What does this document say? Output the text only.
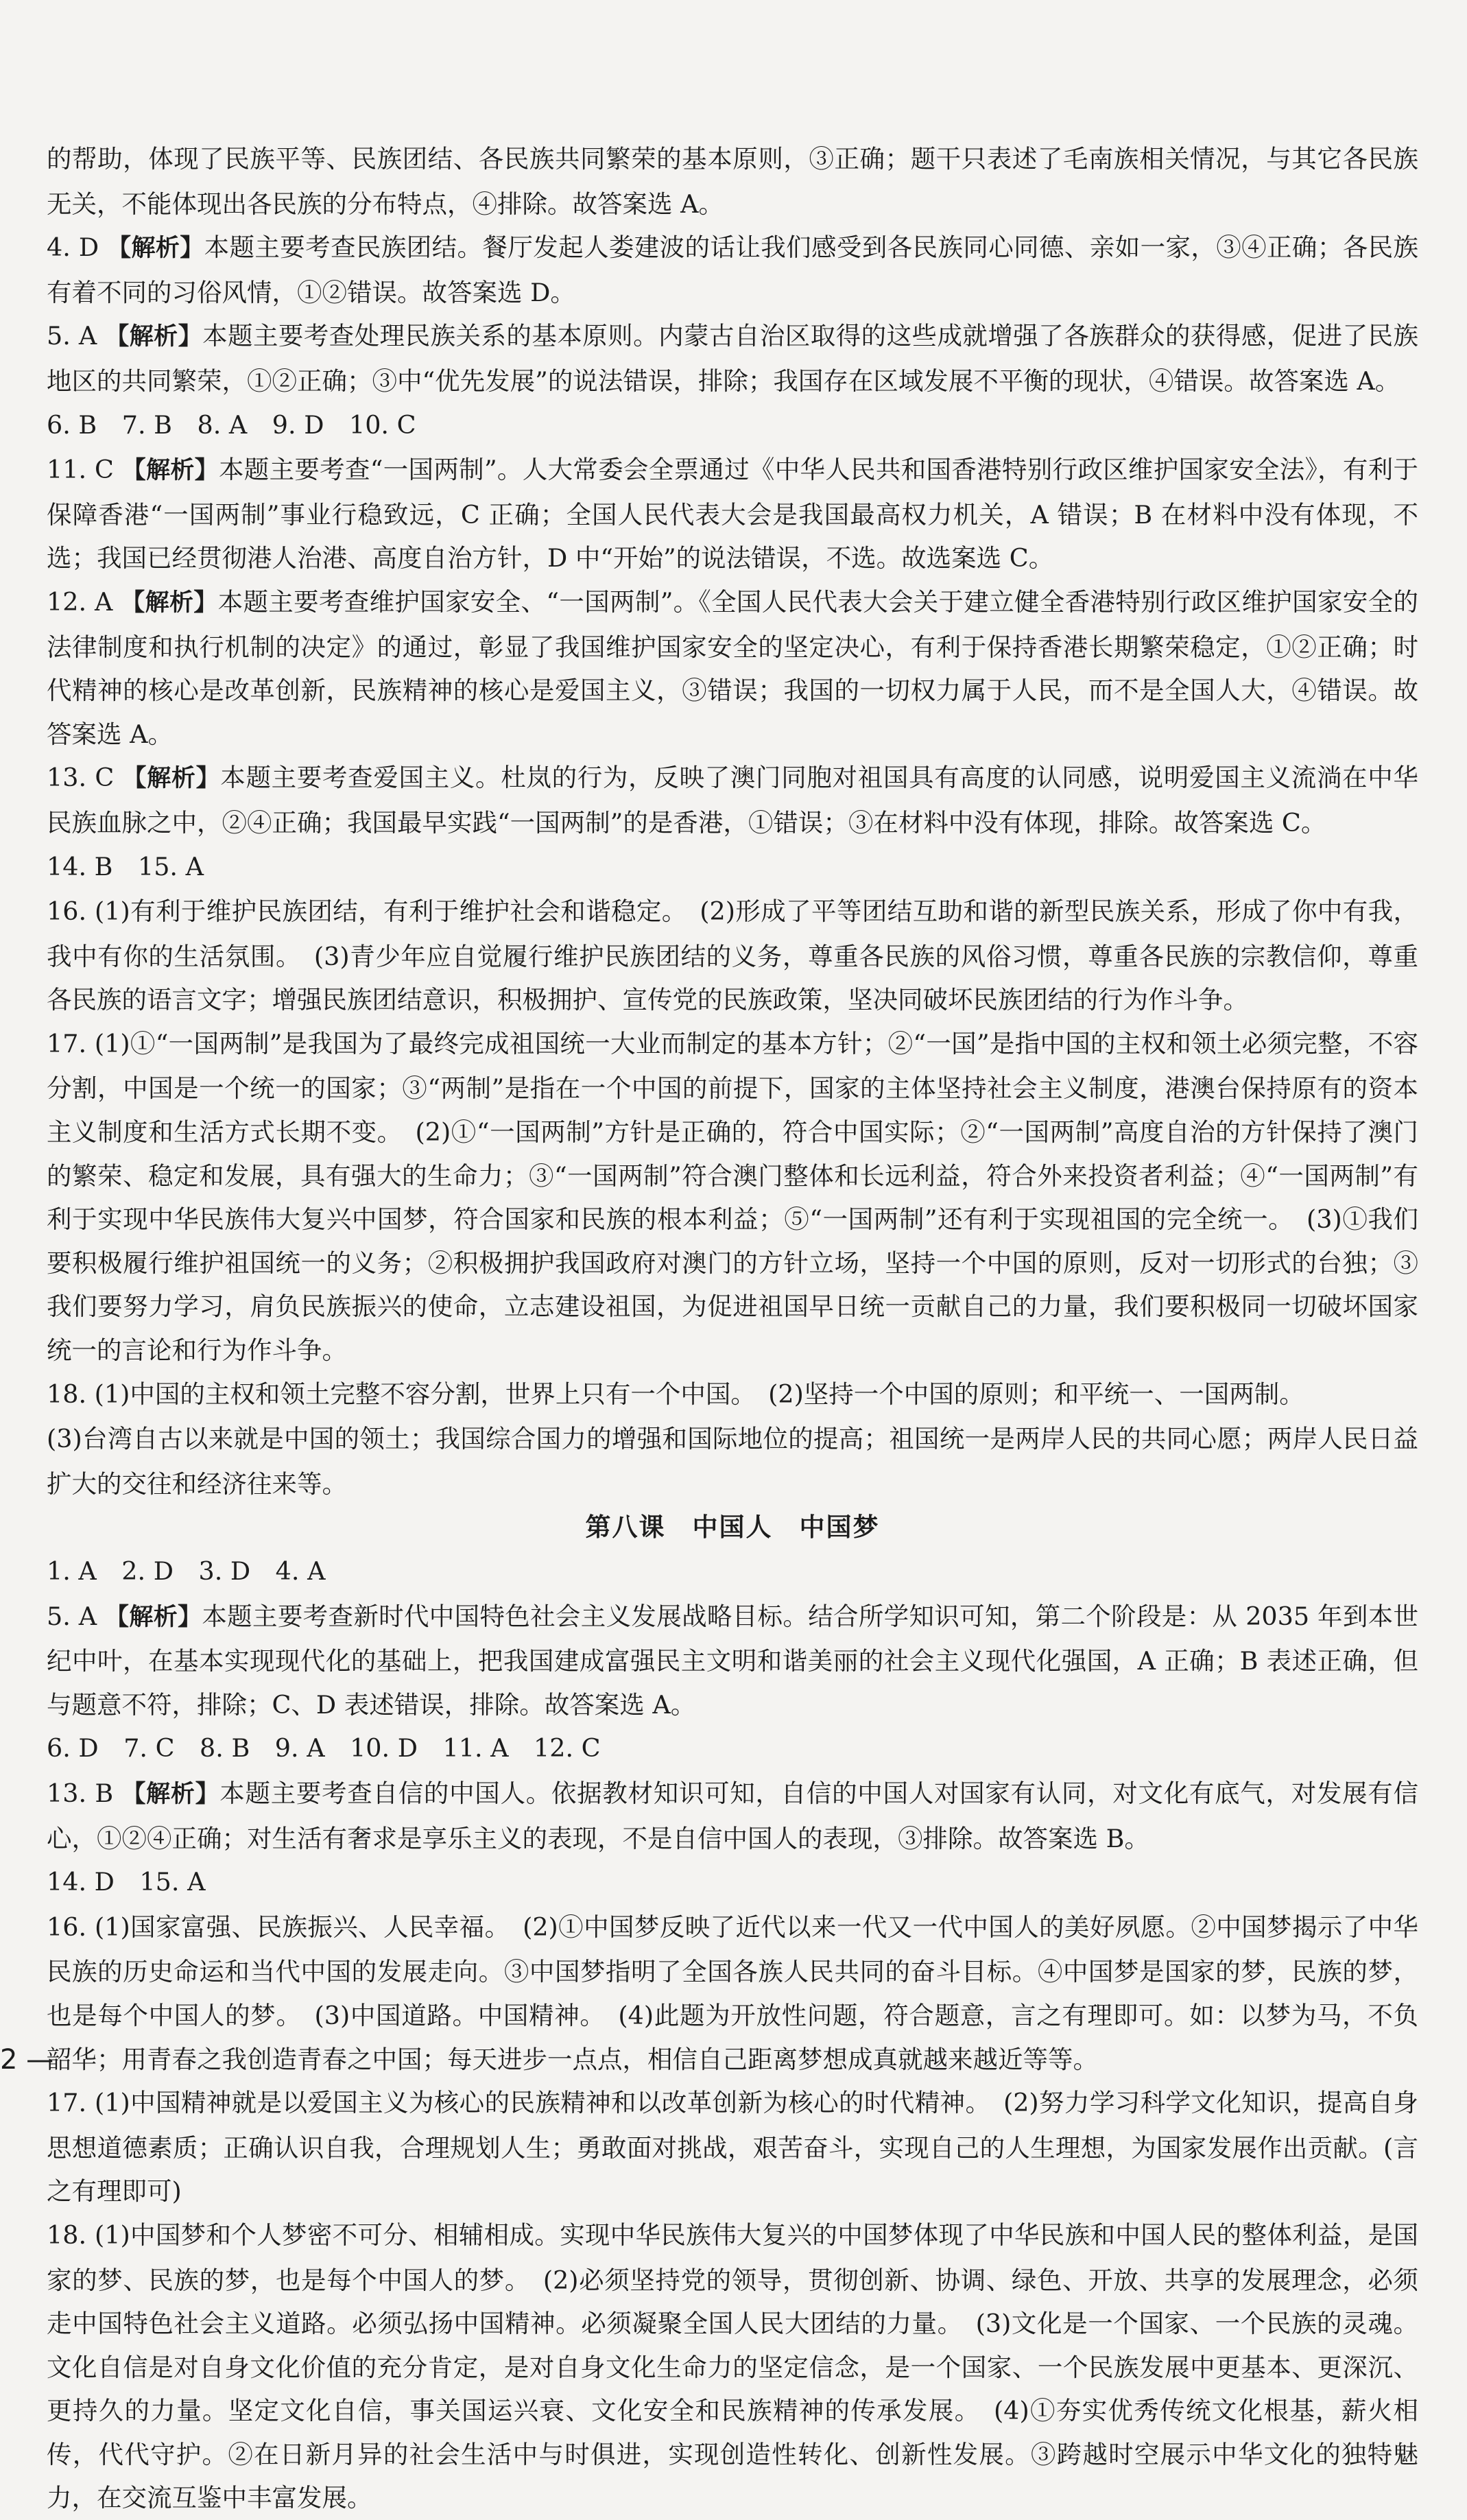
的帮助，体现了民族平等、民族团结、各民族共同繁荣的基本原则，③正确；题干只表述了毛南族相关情况，与其它各民族无关，不能体现出各民族的分布特点，④排除。故答案选 A。

4. D 【解析】本题主要考查民族团结。餐厅发起人娄建波的话让我们感受到各民族同心同德、亲如一家，③④正确；各民族有着不同的习俗风情，①②错误。故答案选 D。

5. A 【解析】本题主要考查处理民族关系的基本原则。内蒙古自治区取得的这些成就增强了各族群众的获得感，促进了民族地区的共同繁荣，①②正确；③中“优先发展”的说法错误，排除；我国存在区域发展不平衡的现状，④错误。故答案选 A。

6. B　7. B　8. A　9. D　10. C

11. C 【解析】本题主要考查“一国两制”。人大常委会全票通过《中华人民共和国香港特别行政区维护国家安全法》，有利于保障香港“一国两制”事业行稳致远，C 正确；全国人民代表大会是我国最高权力机关，A 错误；B 在材料中没有体现，不选；我国已经贯彻港人治港、高度自治方针，D 中“开始”的说法错误，不选。故选案选 C。

12. A 【解析】本题主要考查维护国家安全、“一国两制”。《全国人民代表大会关于建立健全香港特别行政区维护国家安全的法律制度和执行机制的决定》的通过，彰显了我国维护国家安全的坚定决心，有利于保持香港长期繁荣稳定，①②正确；时代精神的核心是改革创新，民族精神的核心是爱国主义，③错误；我国的一切权力属于人民，而不是全国人大，④错误。故答案选 A。

13. C 【解析】本题主要考查爱国主义。杜岚的行为，反映了澳门同胞对祖国具有高度的认同感，说明爱国主义流淌在中华民族血脉之中，②④正确；我国最早实践“一国两制”的是香港，①错误；③在材料中没有体现，排除。故答案选 C。

14. B　15. A

16. (1)有利于维护民族团结，有利于维护社会和谐稳定。　(2)形成了平等团结互助和谐的新型民族关系，形成了你中有我，我中有你的生活氛围。　(3)青少年应自觉履行维护民族团结的义务，尊重各民族的风俗习惯，尊重各民族的宗教信仰，尊重各民族的语言文字；增强民族团结意识，积极拥护、宣传党的民族政策，坚决同破坏民族团结的行为作斗争。

17. (1)①“一国两制”是我国为了最终完成祖国统一大业而制定的基本方针；②“一国”是指中国的主权和领土必须完整，不容分割，中国是一个统一的国家；③“两制”是指在一个中国的前提下，国家的主体坚持社会主义制度，港澳台保持原有的资本主义制度和生活方式长期不变。　(2)①“一国两制”方针是正确的，符合中国实际；②“一国两制”高度自治的方针保持了澳门的繁荣、稳定和发展，具有强大的生命力；③“一国两制”符合澳门整体和长远利益，符合外来投资者利益；④“一国两制”有利于实现中华民族伟大复兴中国梦，符合国家和民族的根本利益；⑤“一国两制”还有利于实现祖国的完全统一。　(3)①我们要积极履行维护祖国统一的义务；②积极拥护我国政府对澳门的方针立场，坚持一个中国的原则，反对一切形式的台独；③我们要努力学习，肩负民族振兴的使命，立志建设祖国，为促进祖国早日统一贡献自己的力量，我们要积极同一切破坏国家统一的言论和行为作斗争。

18. (1)中国的主权和领土完整不容分割，世界上只有一个中国。　(2)坚持一个中国的原则；和平统一、一国两制。

(3)台湾自古以来就是中国的领土；我国综合国力的增强和国际地位的提高；祖国统一是两岸人民的共同心愿；两岸人民日益扩大的交往和经济往来等。

第八课　中国人　中国梦

1. A　2. D　3. D　4. A

5. A 【解析】本题主要考查新时代中国特色社会主义发展战略目标。结合所学知识可知，第二个阶段是：从 2035 年到本世纪中叶，在基本实现现代化的基础上，把我国建成富强民主文明和谐美丽的社会主义现代化强国，A 正确；B 表述正确，但与题意不符，排除；C、D 表述错误，排除。故答案选 A。

6. D　7. C　8. B　9. A　10. D　11. A　12. C

13. B 【解析】本题主要考查自信的中国人。依据教材知识可知，自信的中国人对国家有认同，对文化有底气，对发展有信心，①②④正确；对生活有奢求是享乐主义的表现，不是自信中国人的表现，③排除。故答案选 B。

14. D　15. A

16. (1)国家富强、民族振兴、人民幸福。　(2)①中国梦反映了近代以来一代又一代中国人的美好夙愿。②中国梦揭示了中华民族的历史命运和当代中国的发展走向。③中国梦指明了全国各族人民共同的奋斗目标。④中国梦是国家的梦，民族的梦，也是每个中国人的梦。　(3)中国道路。中国精神。　(4)此题为开放性问题，符合题意，言之有理即可。如：以梦为马，不负韶华；用青春之我创造青春之中国；每天进步一点点，相信自己距离梦想成真就越来越近等等。

17. (1)中国精神就是以爱国主义为核心的民族精神和以改革创新为核心的时代精神。　(2)努力学习科学文化知识，提高自身思想道德素质；正确认识自我，合理规划人生；勇敢面对挑战，艰苦奋斗，实现自己的人生理想，为国家发展作出贡献。(言之有理即可)

18. (1)中国梦和个人梦密不可分、相辅相成。实现中华民族伟大复兴的中国梦体现了中华民族和中国人民的整体利益，是国家的梦、民族的梦，也是每个中国人的梦。　(2)必须坚持党的领导，贯彻创新、协调、绿色、开放、共享的发展理念，必须走中国特色社会主义道路。必须弘扬中国精神。必须凝聚全国人民大团结的力量。　(3)文化是一个国家、一个民族的灵魂。文化自信是对自身文化价值的充分肯定，是对自身文化生命力的坚定信念，是一个国家、一个民族发展中更基本、更深沉、更持久的力量。坚定文化自信，事关国运兴衰、文化安全和民族精神的传承发展。　(4)①夯实优秀传统文化根基，薪火相传，代代守护。②在日新月异的社会生活中与时俱进，实现创造性转化、创新性发展。③跨越时空展示中华文化的独特魅力，在交流互鉴中丰富发展。

2 —
